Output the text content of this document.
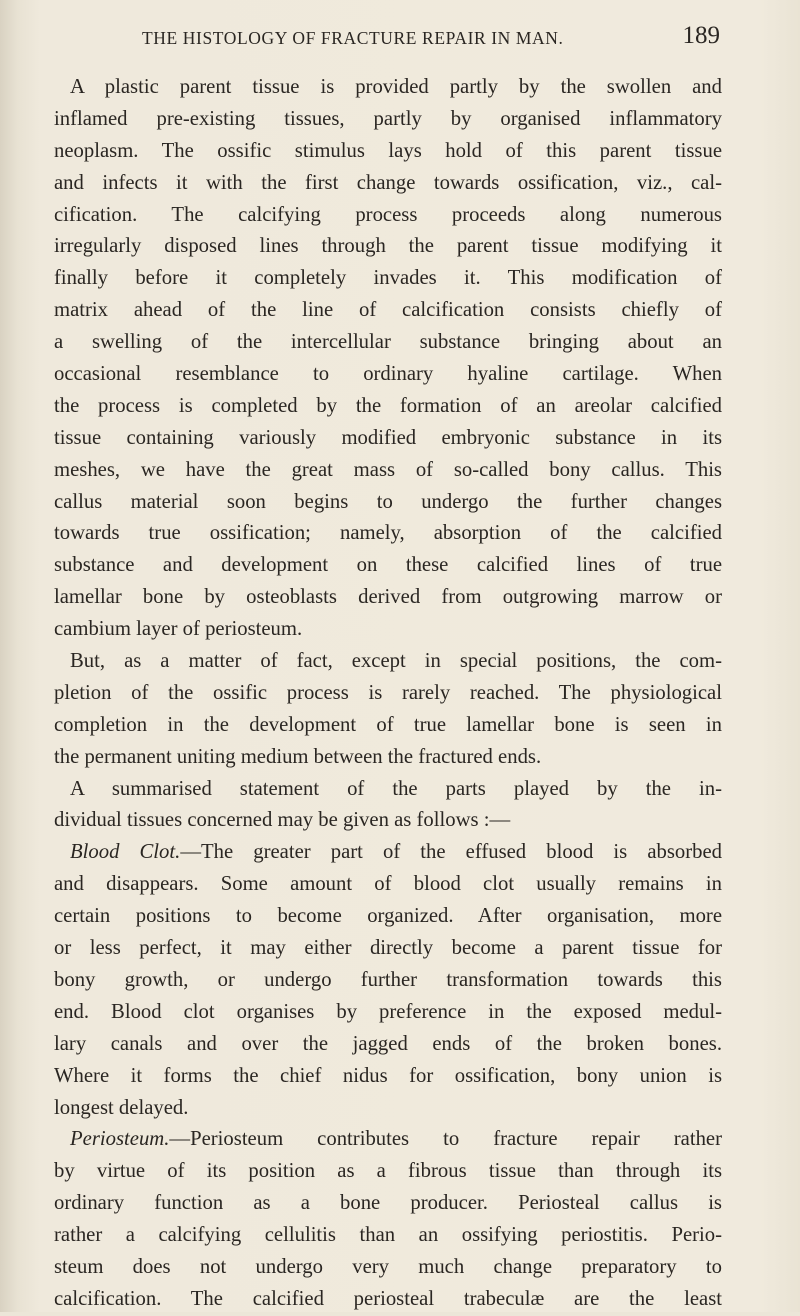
THE HISTOLOGY OF FRACTURE REPAIR IN MAN.	189
A plastic parent tissue is provided partly by the swollen and
inflamed pre-existing tissues, partly by organised inflammatory
neoplasm. The ossific stimulus lays hold of this parent tissue
and infects it with the first change towards ossification, viz., cal-
cification. The calcifying process proceeds along numerous
irregularly disposed lines through the parent tissue modifying it
finally before it completely invades it. This modification of
matrix ahead of the line of calcification consists chiefly of
a swelling of the intercellular substance bringing about an
occasional resemblance to ordinary hyaline cartilage. When
the process is completed by the formation of an areolar calcified
tissue containing variously modified embryonic substance in its
meshes, we have the great mass of so-called bony callus. This
callus material soon begins to undergo the further changes
towards true ossification; namely, absorption of the calcified
substance and development on these calcified lines of true
lamellar bone by osteoblasts derived from outgrowing marrow or
cambium layer of periosteum.
But, as a matter of fact, except in special positions, the com-
pletion of the ossific process is rarely reached. The physiological
completion in the development of true lamellar bone is seen in
the permanent uniting medium between the fractured ends.
A summarised statement of the parts played by the in-
dividual tissues concerned may be given as follows :—
Blood Clot.—The greater part of the effused blood is absorbed
and disappears. Some amount of blood clot usually remains in
certain positions to become organized. After organisation, more
or less perfect, it may either directly become a parent tissue for
bony growth, or undergo further transformation towards this
end. Blood clot organises by preference in the exposed medul-
lary canals and over the jagged ends of the broken bones.
Where it forms the chief nidus for ossification, bony union is
longest delayed.
Periosteum.—Periosteum contributes to fracture repair rather
by virtue of its position as a fibrous tissue than through its
ordinary function as a bone producer. Periosteal callus is
rather a calcifying cellulitis than an ossifying periostitis. Perio-
steum does not undergo very much change preparatory to
calcification. The calcified periosteal trabeculæ are the least
